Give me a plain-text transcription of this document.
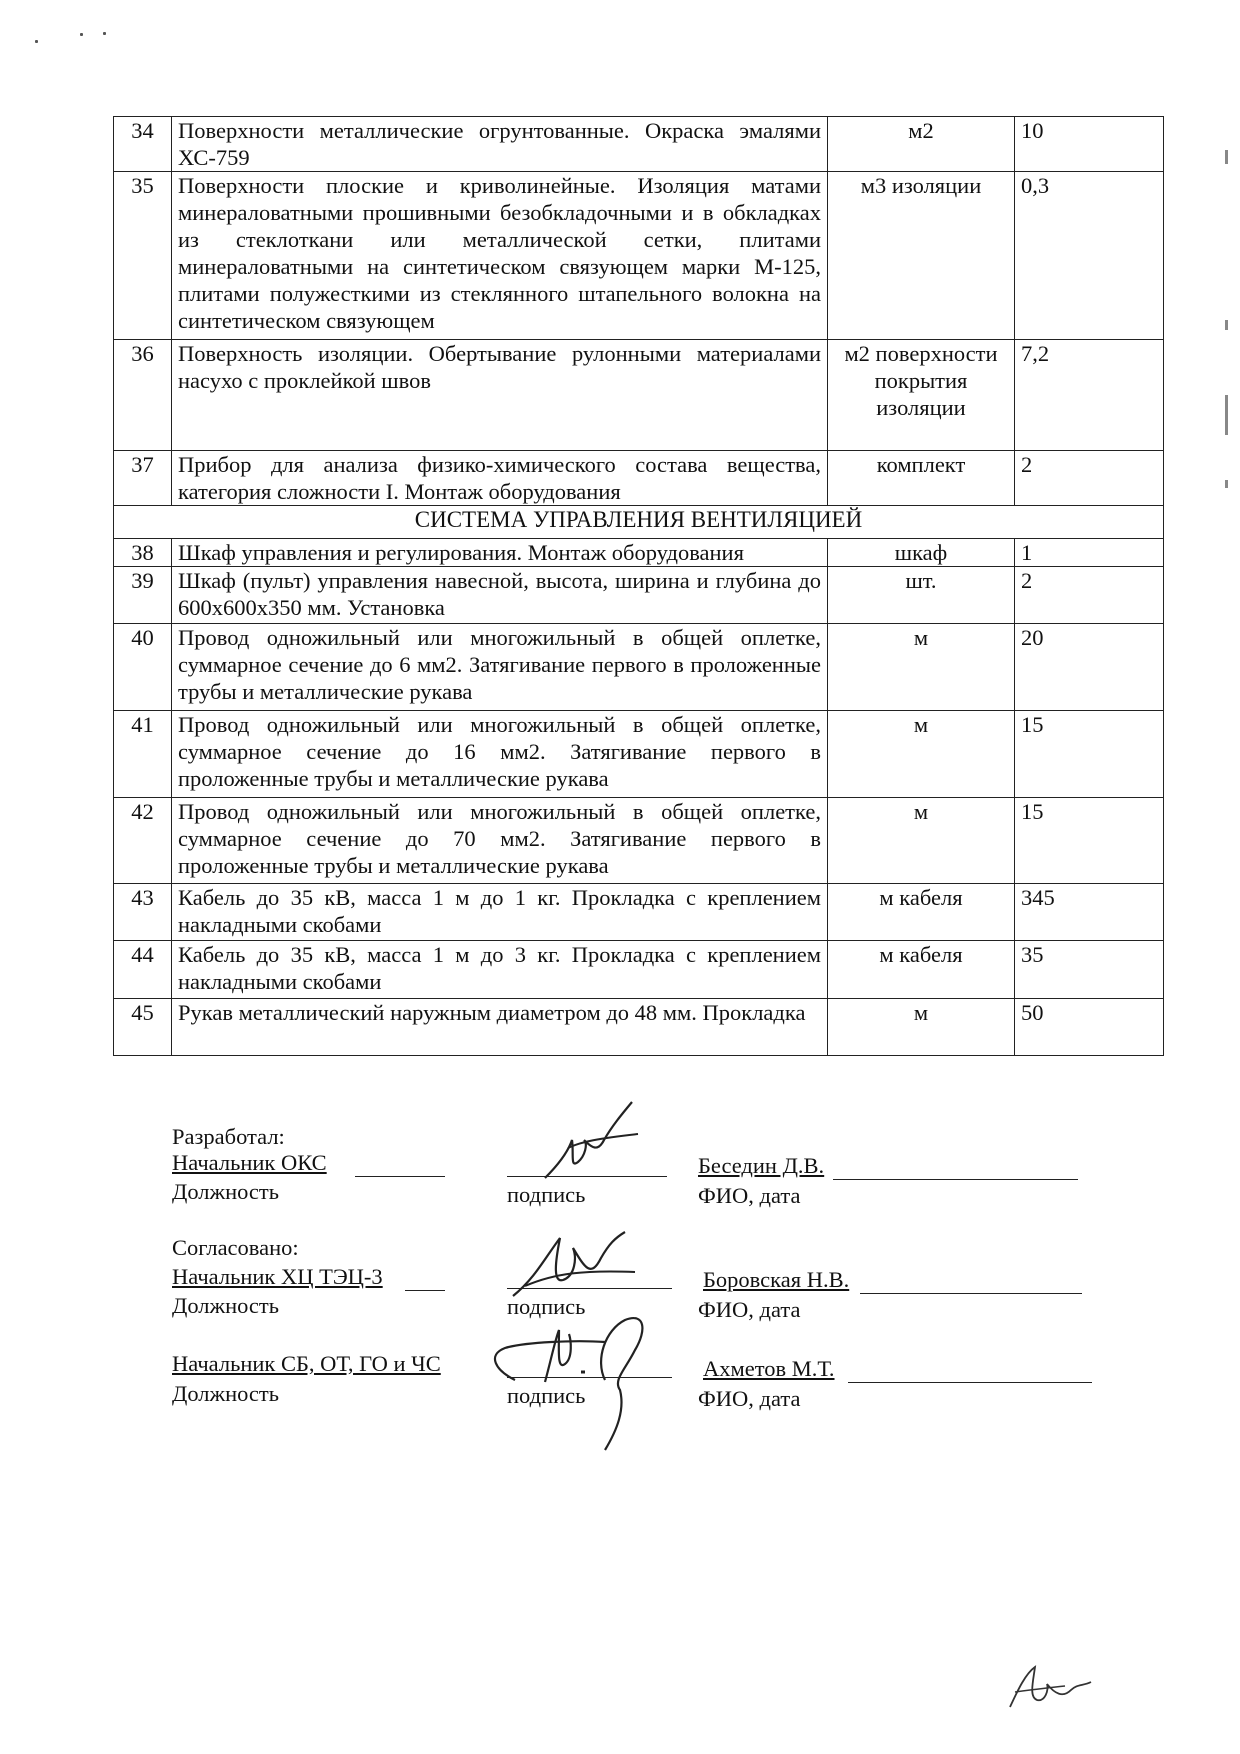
34	Поверхности металлические огрунтованные. Окраска эмалями ХС-759	м2	10
35	Поверхности плоские и криволинейные. Изоляция матами минераловатными прошивными безобкладочными и в обкладках из стеклоткани или металлической сетки, плитами минераловатными на синтетическом связующем марки М-125, плитами полужесткими из стеклянного штапельного волокна на синтетическом связующем	м3 изоляции	0,3
36	Поверхность изоляции. Обертывание рулонными материалами насухо с проклейкой швов	м2 поверхности покрытия изоляции	7,2
37	Прибор для анализа физико-химического состава вещества, категория сложности I. Монтаж оборудования	комплект	2
СИСТЕМА УПРАВЛЕНИЯ ВЕНТИЛЯЦИЕЙ			
38	Шкаф управления и регулирования. Монтаж оборудования	шкаф	1
39	Шкаф (пульт) управления навесной, высота, ширина и глубина до 600х600х350 мм. Установка	шт.	2
40	Провод одножильный или многожильный в общей оплетке, суммарное сечение до 6 мм2. Затягивание первого в проложенные трубы и металлические рукава	м	20
41	Провод одножильный или многожильный в общей оплетке, суммарное сечение до 16 мм2. Затягивание первого в проложенные трубы и металлические рукава	м	15
42	Провод одножильный или многожильный в общей оплетке, суммарное сечение до 70 мм2. Затягивание первого в проложенные трубы и металлические рукава	м	15
43	Кабель до 35 кВ, масса 1 м до 1 кг. Прокладка с креплением накладными скобами	м кабеля	345
44	Кабель до 35 кВ, масса 1 м до 3 кг. Прокладка с креплением накладными скобами	м кабеля	35
45	Рукав металлический наружным диаметром до 48 мм. Прокладка	м	50
Разработал:
Начальник ОКС
Должность	подпись
Беседин Д.В.
ФИО, дата
Согласовано:
Начальник ХЦ ТЭЦ-3
Должность	подпись
Боровская Н.В.
ФИО, дата
Начальник СБ, ОТ, ГО и ЧС
Должность	подпись
Ахметов М.Т.
ФИО, дата
